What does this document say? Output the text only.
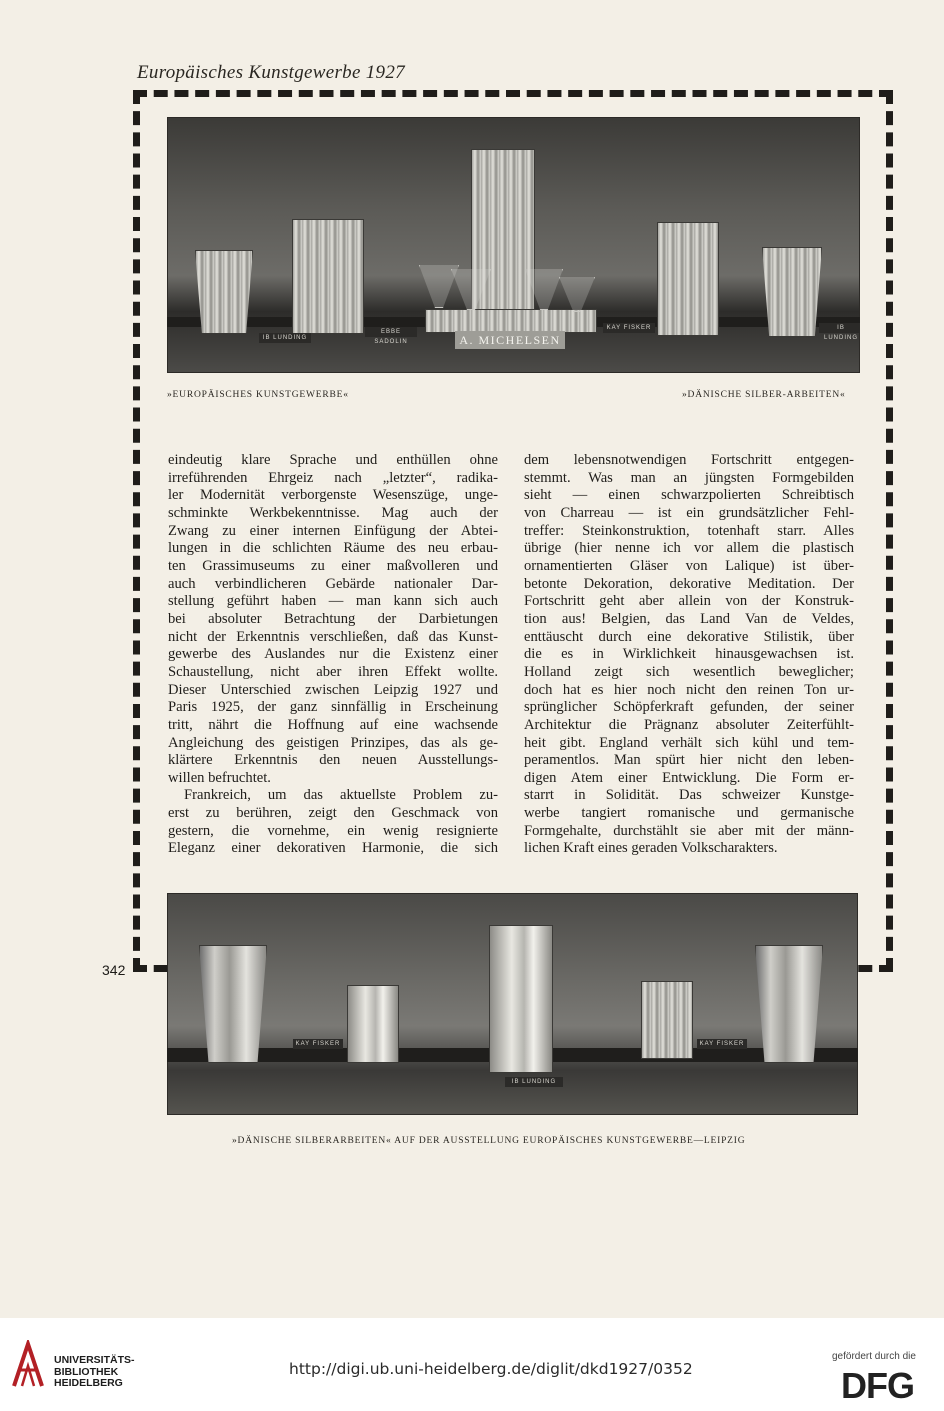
Europäisches Kunstgewerbe 1927
IB LUNDING
EBBE SADOLIN	A. MICHELSEN
KAY FISKER	IB LUNDING
»EUROPÄISCHES KUNSTGEWERBE«	»DÄNISCHE SILBER-ARBEITEN«

eindeutig klare Sprache und enthüllen ohne
irreführenden Ehrgeiz nach „letzter“, radika-
ler Modernität verborgenste Wesenszüge, unge-
schminkte Werkbekenntnisse. Mag auch der
Zwang zu einer internen Einfügung der Abtei-
lungen in die schlichten Räume des neu erbau-
ten Grassimuseums zu einer maßvolleren und
auch verbindlicheren Gebärde nationaler Dar-
stellung geführt haben — man kann sich auch
bei absoluter Betrachtung der Darbietungen
nicht der Erkenntnis verschließen, daß das Kunst-
gewerbe des Auslandes nur die Existenz einer
Schaustellung, nicht aber ihren Effekt wollte.
Dieser Unterschied zwischen Leipzig 1927 und
Paris 1925, der ganz sinnfällig in Erscheinung
tritt, nährt die Hoffnung auf eine wachsende
Angleichung des geistigen Prinzipes, das als ge-
klärtere Erkenntnis den neuen Ausstellungs-
willen befruchtet.

Frankreich, um das aktuellste Problem zu-
erst zu berühren, zeigt den Geschmack von
gestern, die vornehme, ein wenig resignierte
Eleganz einer dekorativen Harmonie, die sich

dem lebensnotwendigen Fortschritt entgegen-
stemmt. Was man an jüngsten Formgebilden
sieht — einen schwarzpolierten Schreibtisch
von Charreau — ist ein grundsätzlicher Fehl-
treffer: Steinkonstruktion, totenhaft starr. Alles
übrige (hier nenne ich vor allem die plastisch
ornamentierten Gläser von Lalique) ist über-
betonte Dekoration, dekorative Meditation. Der
Fortschritt geht aber allein von der Konstruk-
tion aus! Belgien, das Land Van de Veldes,
enttäuscht durch eine dekorative Stilistik, über
die es in Wirklichkeit hinausgewachsen ist.
Holland zeigt sich wesentlich beweglicher;
doch hat es hier noch nicht den reinen Ton ur-
sprünglicher Schöpferkraft gefunden, der seiner
Architektur die Prägnanz absoluter Zeiterfühlt-
heit gibt. England verhält sich kühl und tem-
peramentlos. Man spürt hier nicht den leben-
digen Atem einer Entwicklung. Die Form er-
starrt in Solidität. Das schweizer Kunstge-
werbe tangiert romanische und germanische
Formgehalte, durchstählt sie aber mit der männ-
lichen Kraft eines geraden Volkscharakters.

KAY FISKER
IB LUNDING
KAY FISKER
»DÄNISCHE SILBERARBEITEN« AUF DER AUSSTELLUNG EUROPÄISCHES KUNSTGEWERBE—LEIPZIG
342
UNIVERSITÄTS-
BIBLIOTHEK
HEIDELBERG
http://digi.ub.uni-heidelberg.de/diglit/dkd1927/0352
gefördert durch die
DFG
